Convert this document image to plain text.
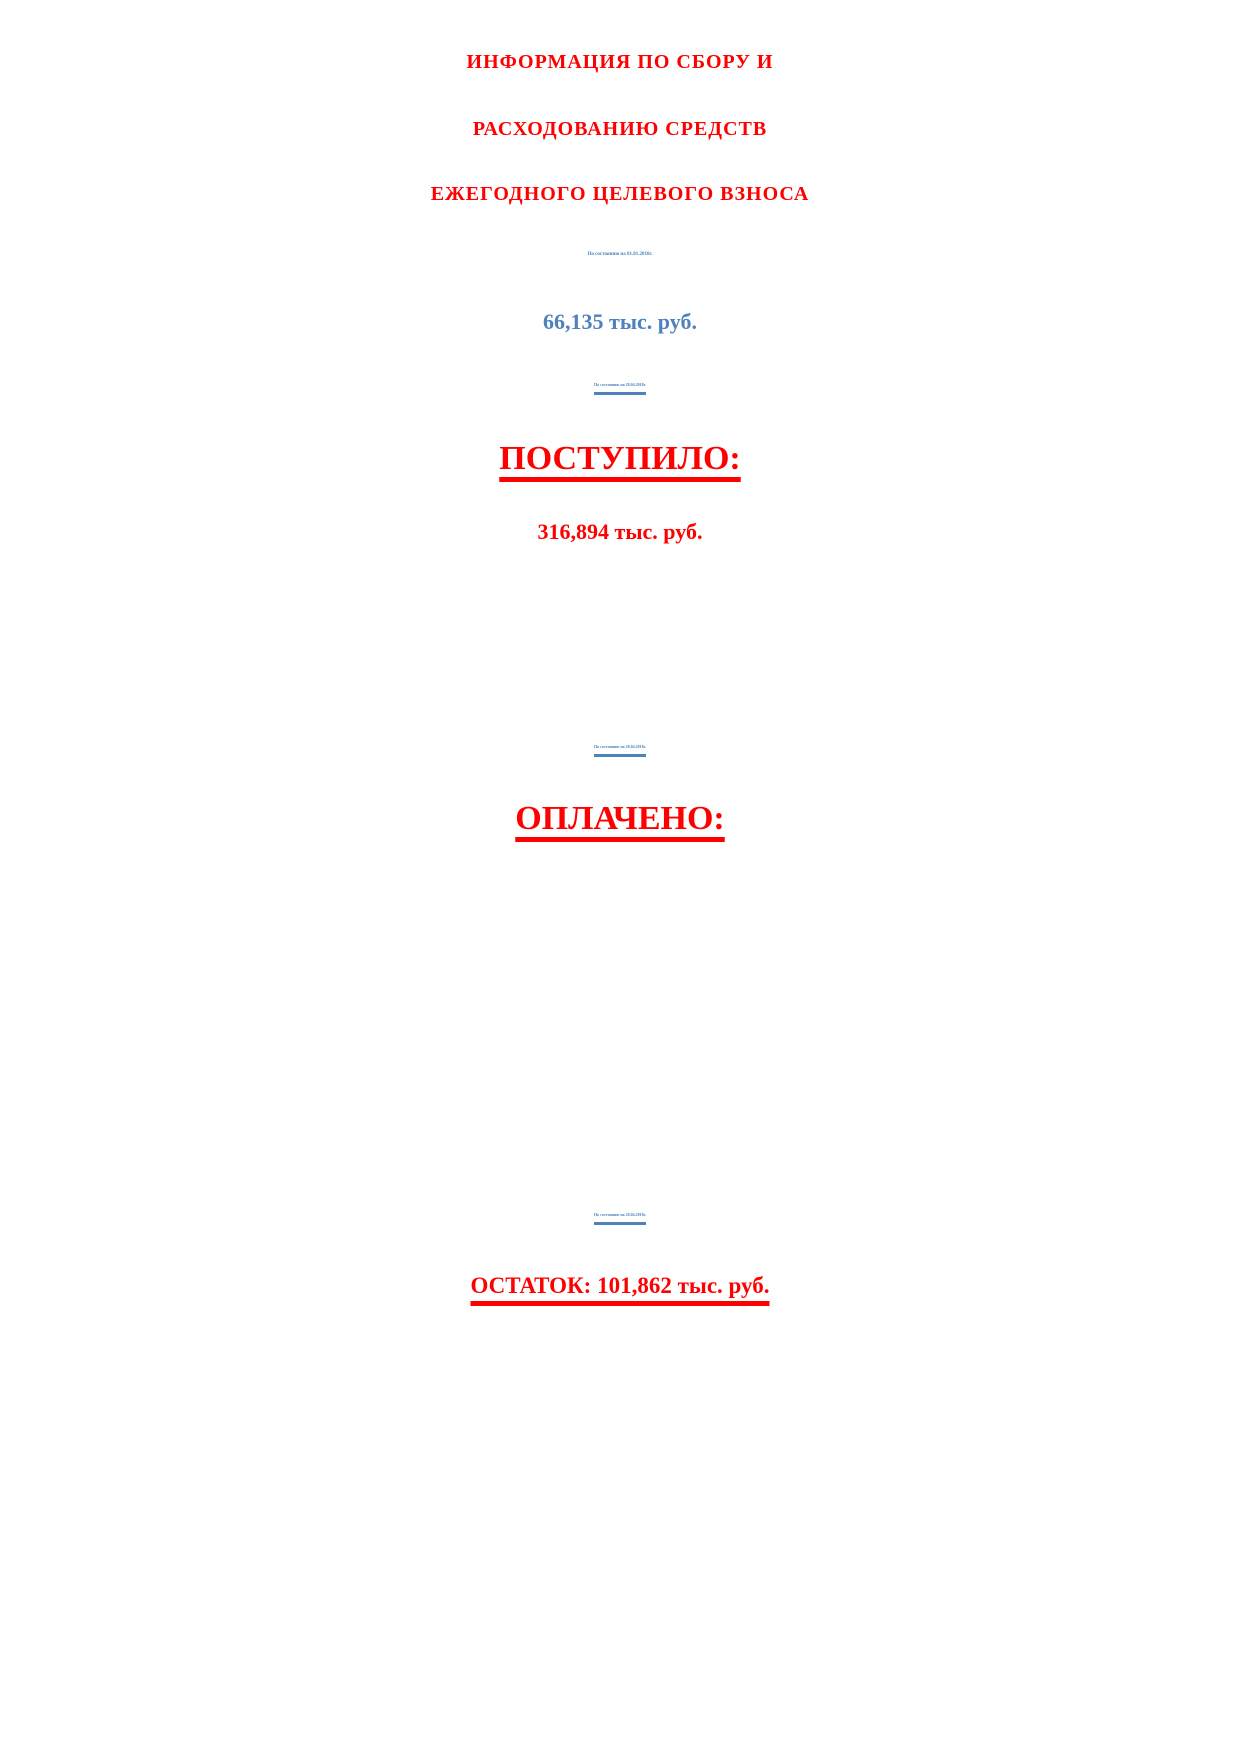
ИНФОРМАЦИЯ ПО СБОРУ И

РАСХОДОВАНИЮ СРЕДСТВ

ЕЖЕГОДНОГО ЦЕЛЕВОГО ВЗНОСА

По состоянию на 01.01.2018г.

66,135 тыс. руб.

По состоянию на 28.04.2018г.

ПОСТУПИЛО:

316,894 тыс. руб.

По состоянию на 28.04.2018г.

ОПЛАЧЕНО:

По состоянию на 28.04.2018г.

ОСТАТОК: 101,862 тыс. руб.
